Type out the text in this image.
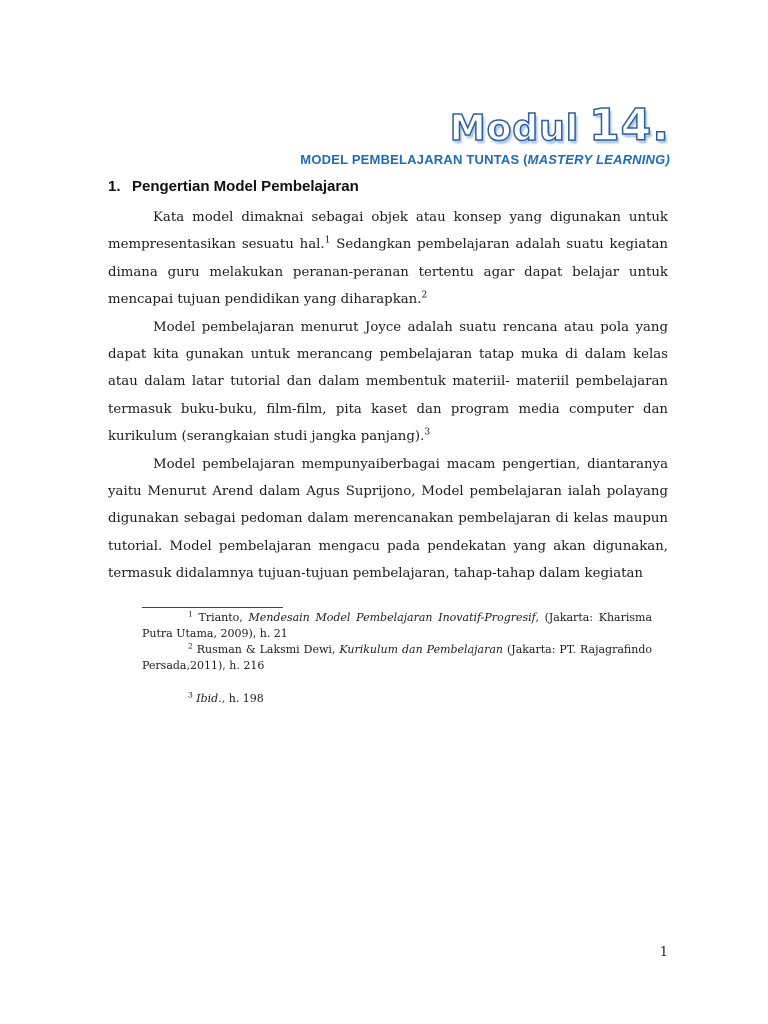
Modul 14.
MODEL PEMBELAJARAN TUNTAS (MASTERY LEARNING)
1. Pengertian Model Pembelajaran

Kata model dimaknai sebagai objek atau konsep yang digunakan untuk mempresentasikan sesuatu hal.$^1$ Sedangkan pembelajaran adalah suatu kegiatan dimana guru melakukan peranan-peranan tertentu agar dapat belajar untuk mencapai tujuan pendidikan yang diharapkan.$^2$

Model pembelajaran menurut Joyce adalah suatu rencana atau pola yang dapat kita gunakan untuk merancang pembelajaran tatap muka di dalam kelas atau dalam latar tutorial dan dalam membentuk materiil- materiil pembelajaran termasuk buku-buku, film-film, pita kaset dan program media computer dan kurikulum (serangkaian studi jangka panjang).$^3$

Model pembelajaran mempunyaiberbagai macam pengertian, diantaranya yaitu Menurut Arend dalam Agus Suprijono, Model pembelajaran ialah polayang digunakan sebagai pedoman dalam merencanakan pembelajaran di kelas maupun tutorial. Model pembelajaran mengacu pada pendekatan yang akan digunakan, termasuk didalamnya tujuan-tujuan pembelajaran, tahap-tahap dalam kegiatan

$^1$ Trianto, Mendesain Model Pembelajaran Inovatif-Progresif, (Jakarta: Kharisma Putra Utama, 2009), h. 21

$^2$ Rusman & Laksmi Dewi, Kurikulum dan Pembelajaran (Jakarta: PT. Rajagrafindo Persada,2011), h. 216

$^3$ Ibid., h. 198

1
